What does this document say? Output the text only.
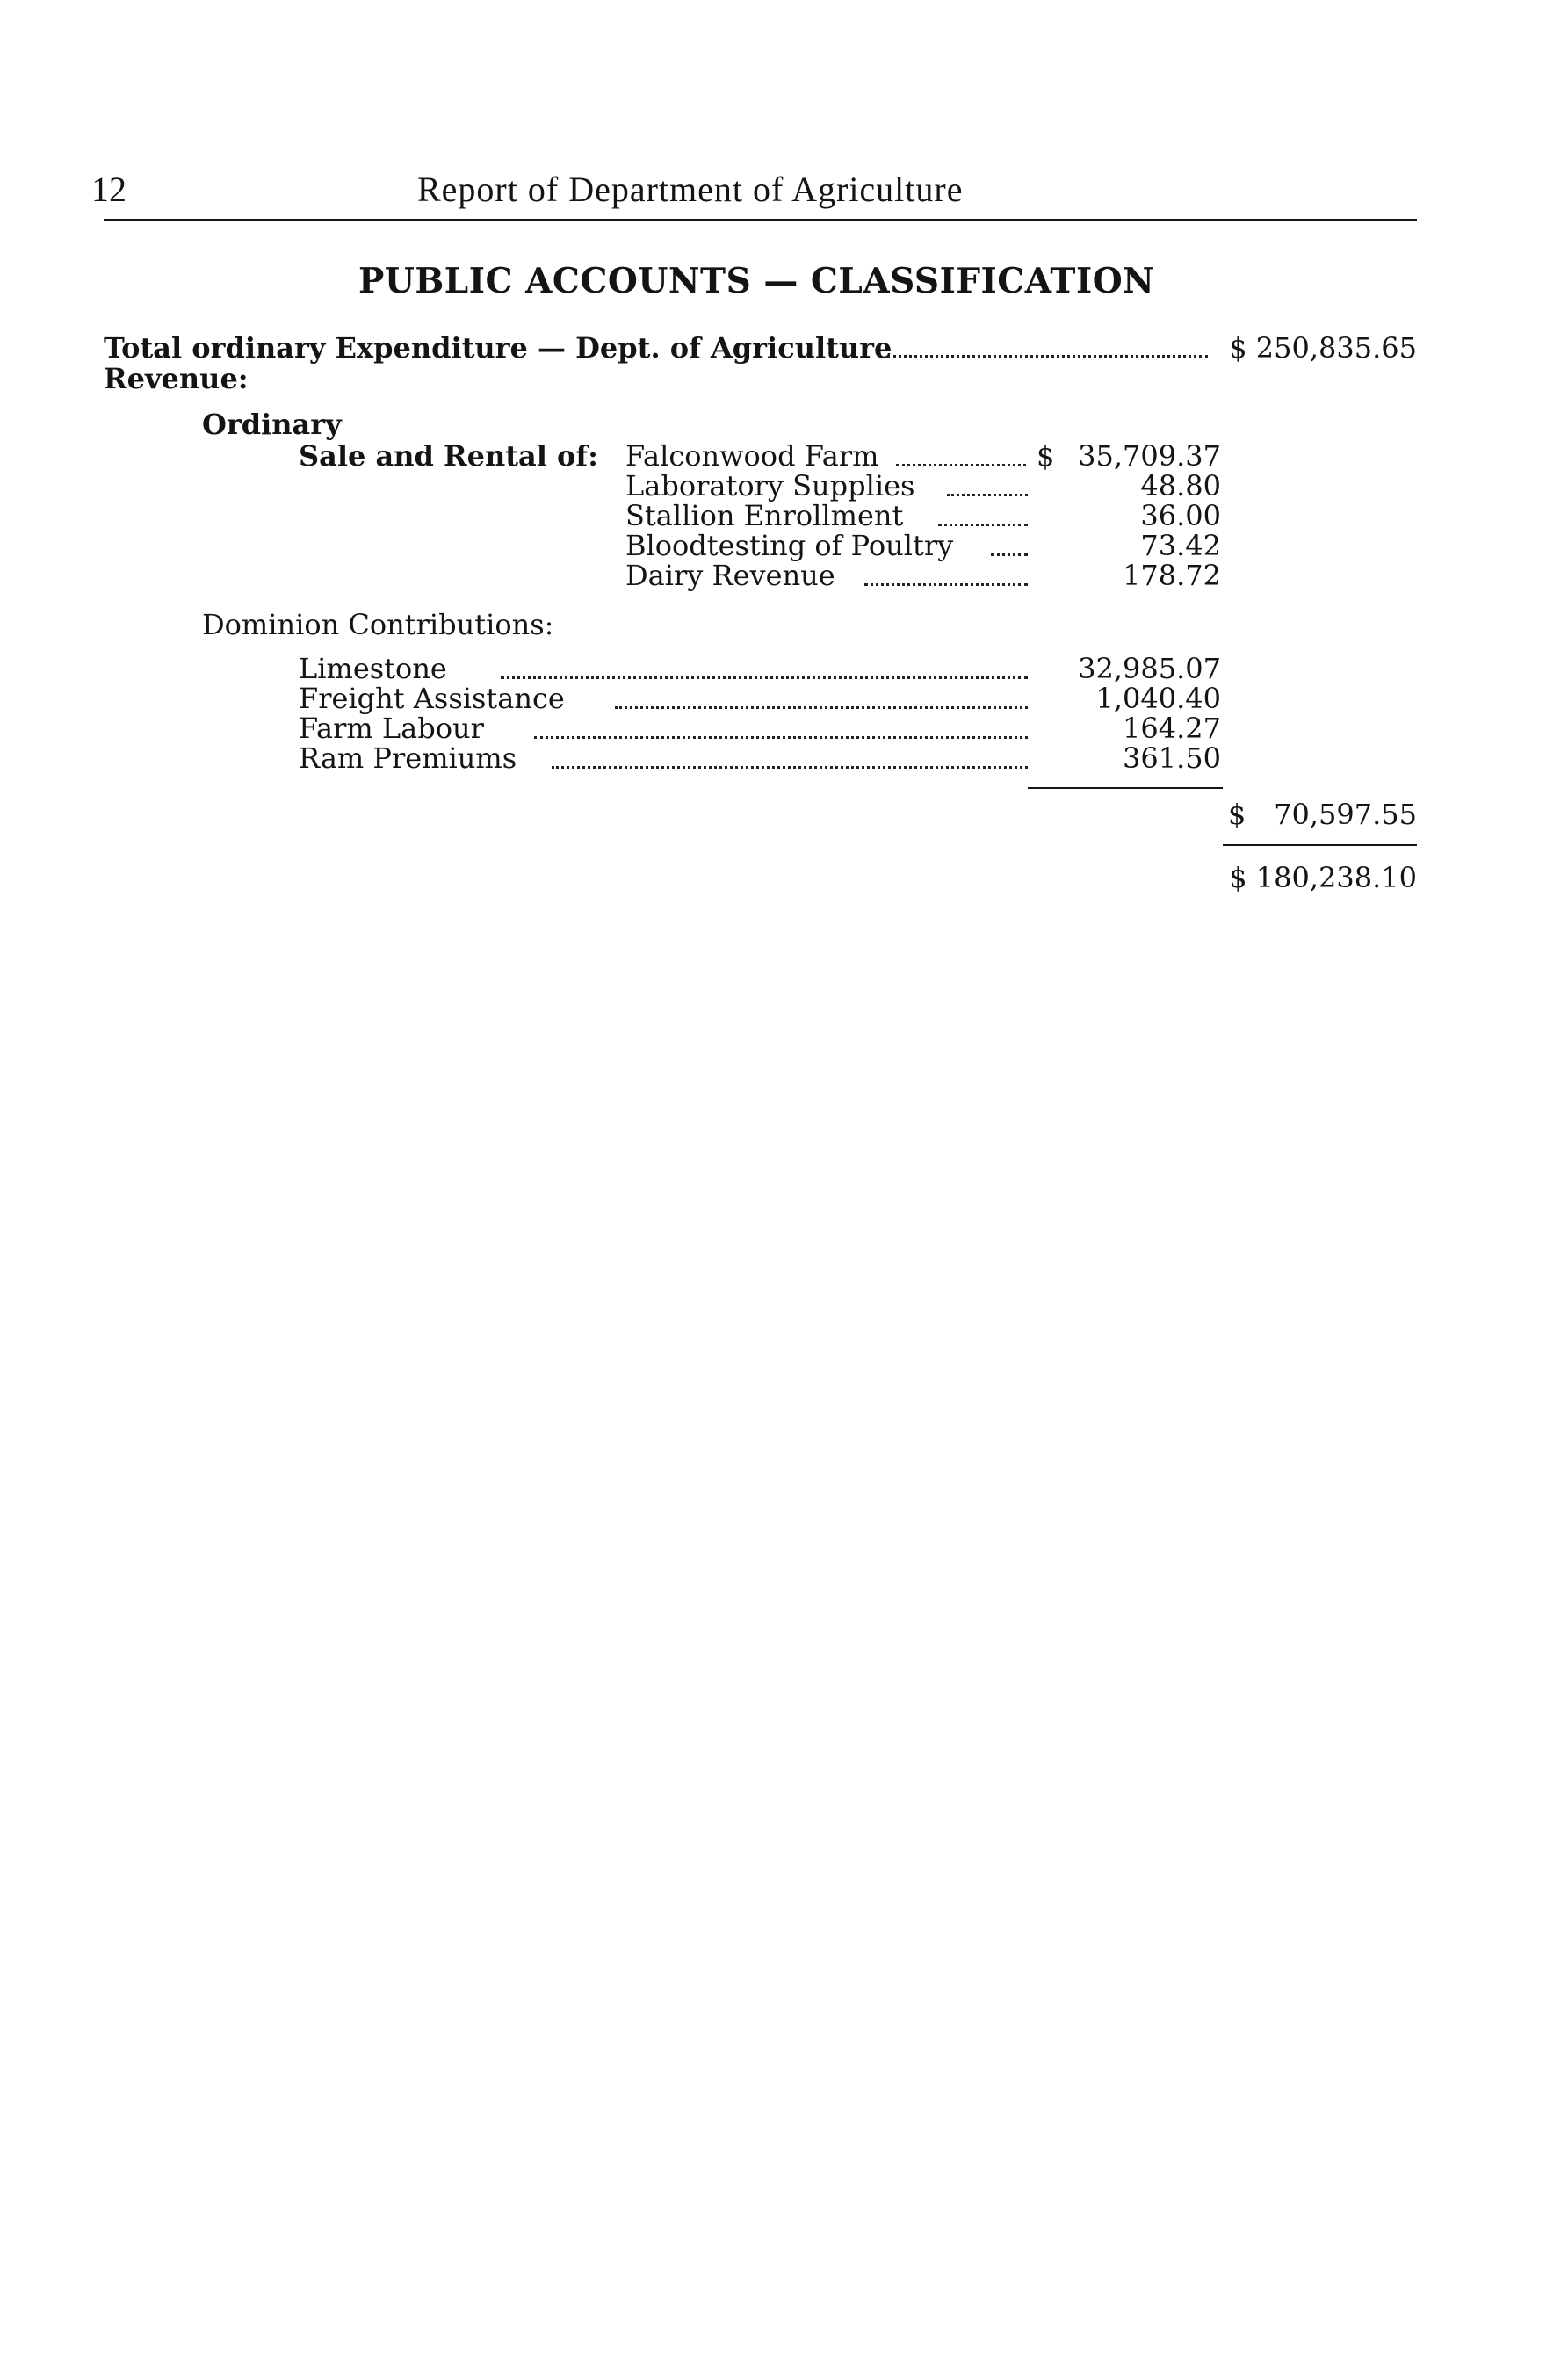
12	Report of Department of Agriculture
PUBLIC ACCOUNTS — CLASSIFICATION
Total ordinary Expenditure — Dept. of Agriculture	$ 250,835.65
Revenue:
Ordinary
Sale and Rental of: Falconwood Farm	$ 35,709.37
Laboratory Supplies	48.80
Stallion Enrollment	36.00
Bloodtesting of Poultry	73.42
Dairy Revenue	178.72
Dominion Contributions:
Limestone	32,985.07
Freight Assistance	1,040.40
Farm Labour	164.27
Ram Premiums	361.50
$ 70,597.55
$ 180,238.10
